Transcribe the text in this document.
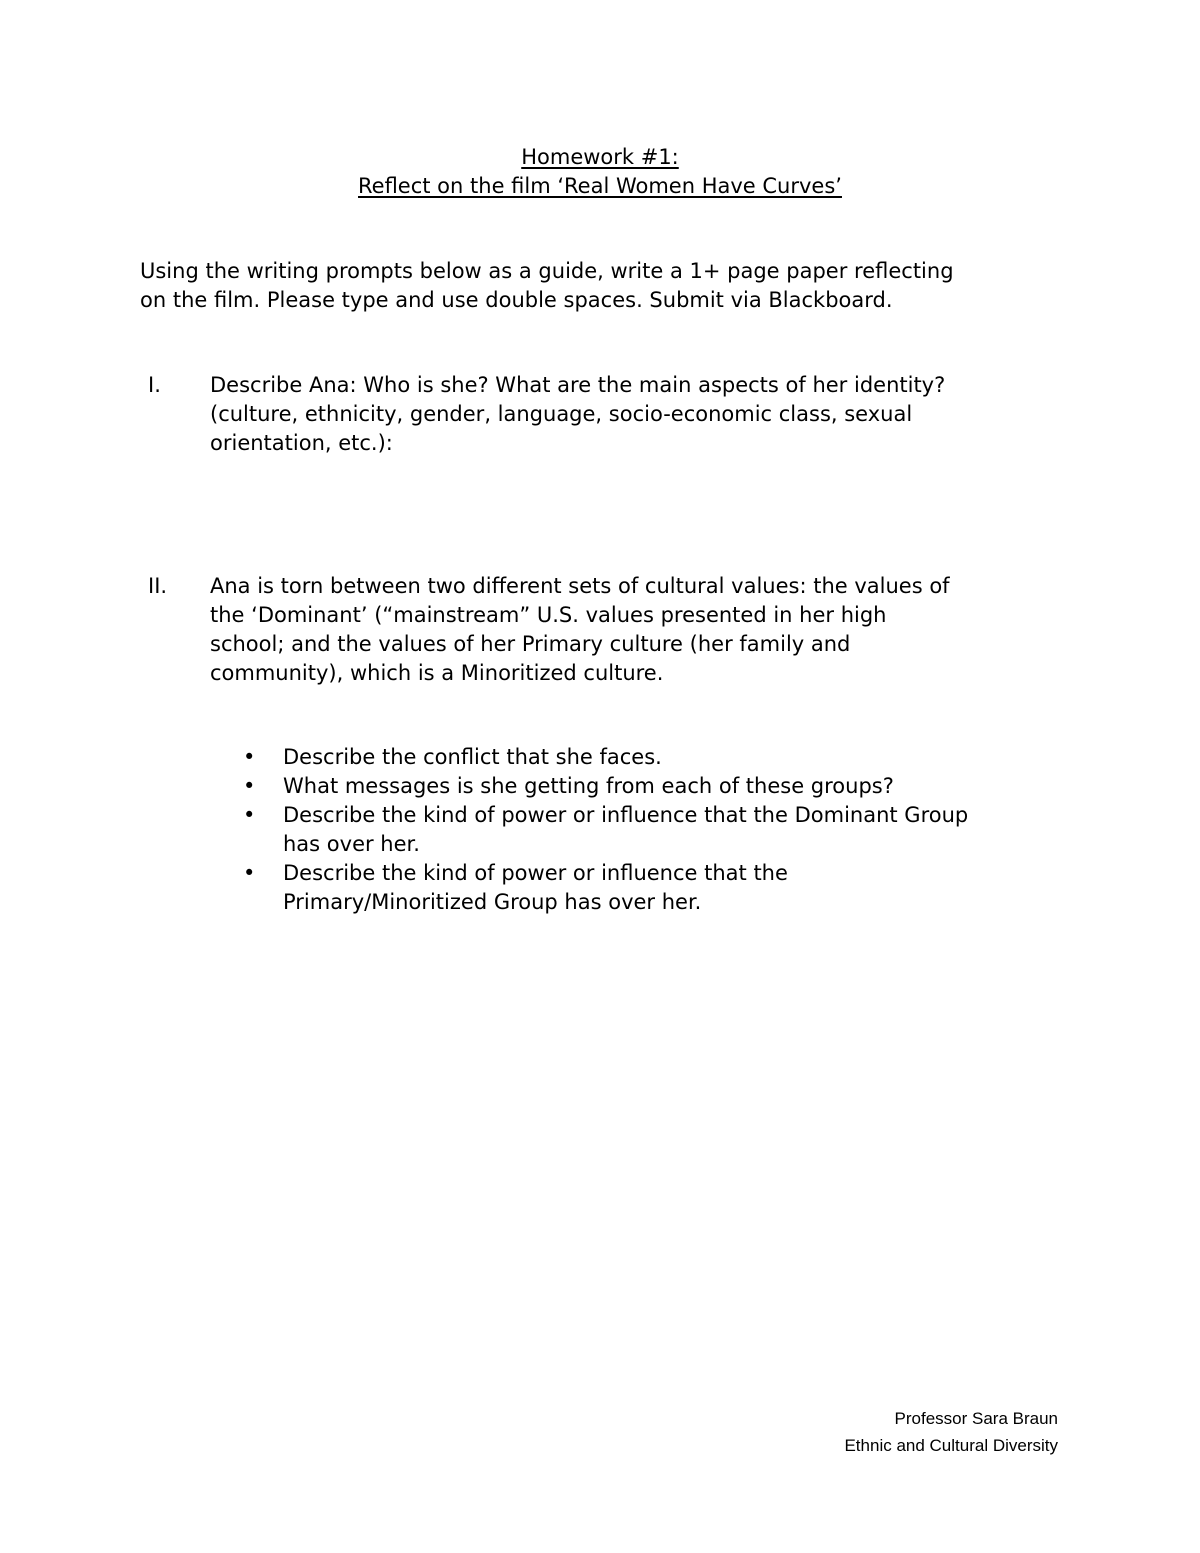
Homework #1:
Reflect on the film ‘Real Women Have Curves’
Using the writing prompts below as a guide, write a 1+ page paper reflecting
on the film. Please type and use double spaces. Submit via Blackboard.
I. Describe Ana: Who is she? What are the main aspects of her identity?
(culture, ethnicity, gender, language, socio-economic class, sexual
orientation, etc.):
II. Ana is torn between two different sets of cultural values: the values of
the ‘Dominant’ (“mainstream” U.S. values presented in her high
school; and the values of her Primary culture (her family and
community), which is a Minoritized culture.
• Describe the conflict that she faces.
• What messages is she getting from each of these groups?
• Describe the kind of power or influence that the Dominant Group
has over her.
• Describe the kind of power or influence that the
Primary/Minoritized Group has over her.
Professor Sara Braun
Ethnic and Cultural Diversity
